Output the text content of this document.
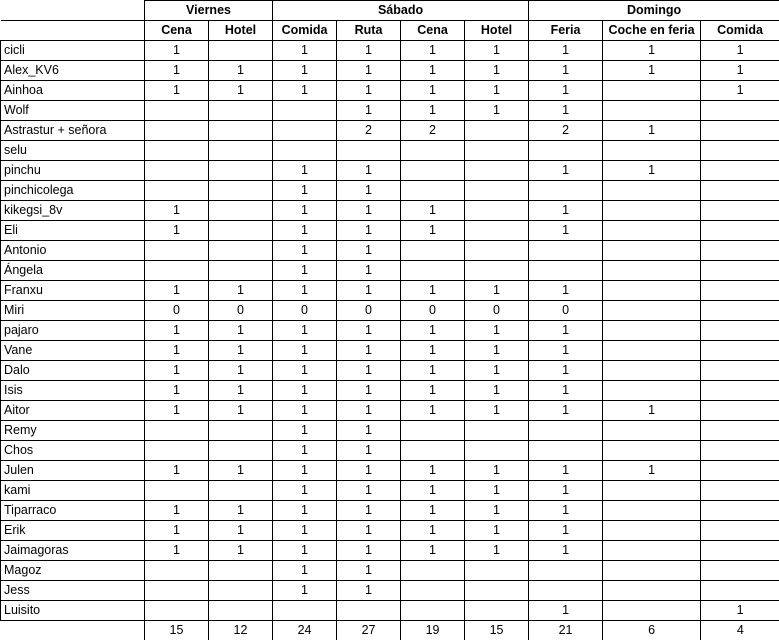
	Viernes		Sábado				Domingo		
	Cena	Hotel	Comida	Ruta	Cena	Hotel	Feria	Coche en feria	Comida
cicli	1		1	1	1	1	1	1	1
Alex_KV6	1	1	1	1	1	1	1	1	1
Ainhoa	1	1	1	1	1	1	1		1
Wolf				1	1	1	1		
Astrastur + señora				2	2		2	1	
selu									
pinchu			1	1			1	1	
pinchicolega			1	1					
kikegsi_8v	1		1	1	1		1		
Eli	1		1	1	1		1		
Antonio			1	1					
Ángela			1	1					
Franxu	1	1	1	1	1	1	1		
Miri	0	0	0	0	0	0	0		
pajaro	1	1	1	1	1	1	1		
Vane	1	1	1	1	1	1	1		
Dalo	1	1	1	1	1	1	1		
Isis	1	1	1	1	1	1	1		
Aitor	1	1	1	1	1	1	1	1	
Remy			1	1					
Chos			1	1					
Julen	1	1	1	1	1	1	1	1	
kami			1	1	1	1	1		
Tiparraco	1	1	1	1	1	1	1		
Erik	1	1	1	1	1	1	1		
Jaimagoras	1	1	1	1	1	1	1		
Magoz			1	1					
Jess			1	1					
Luisito							1		1
	15	12	24	27	19	15	21	6	4
